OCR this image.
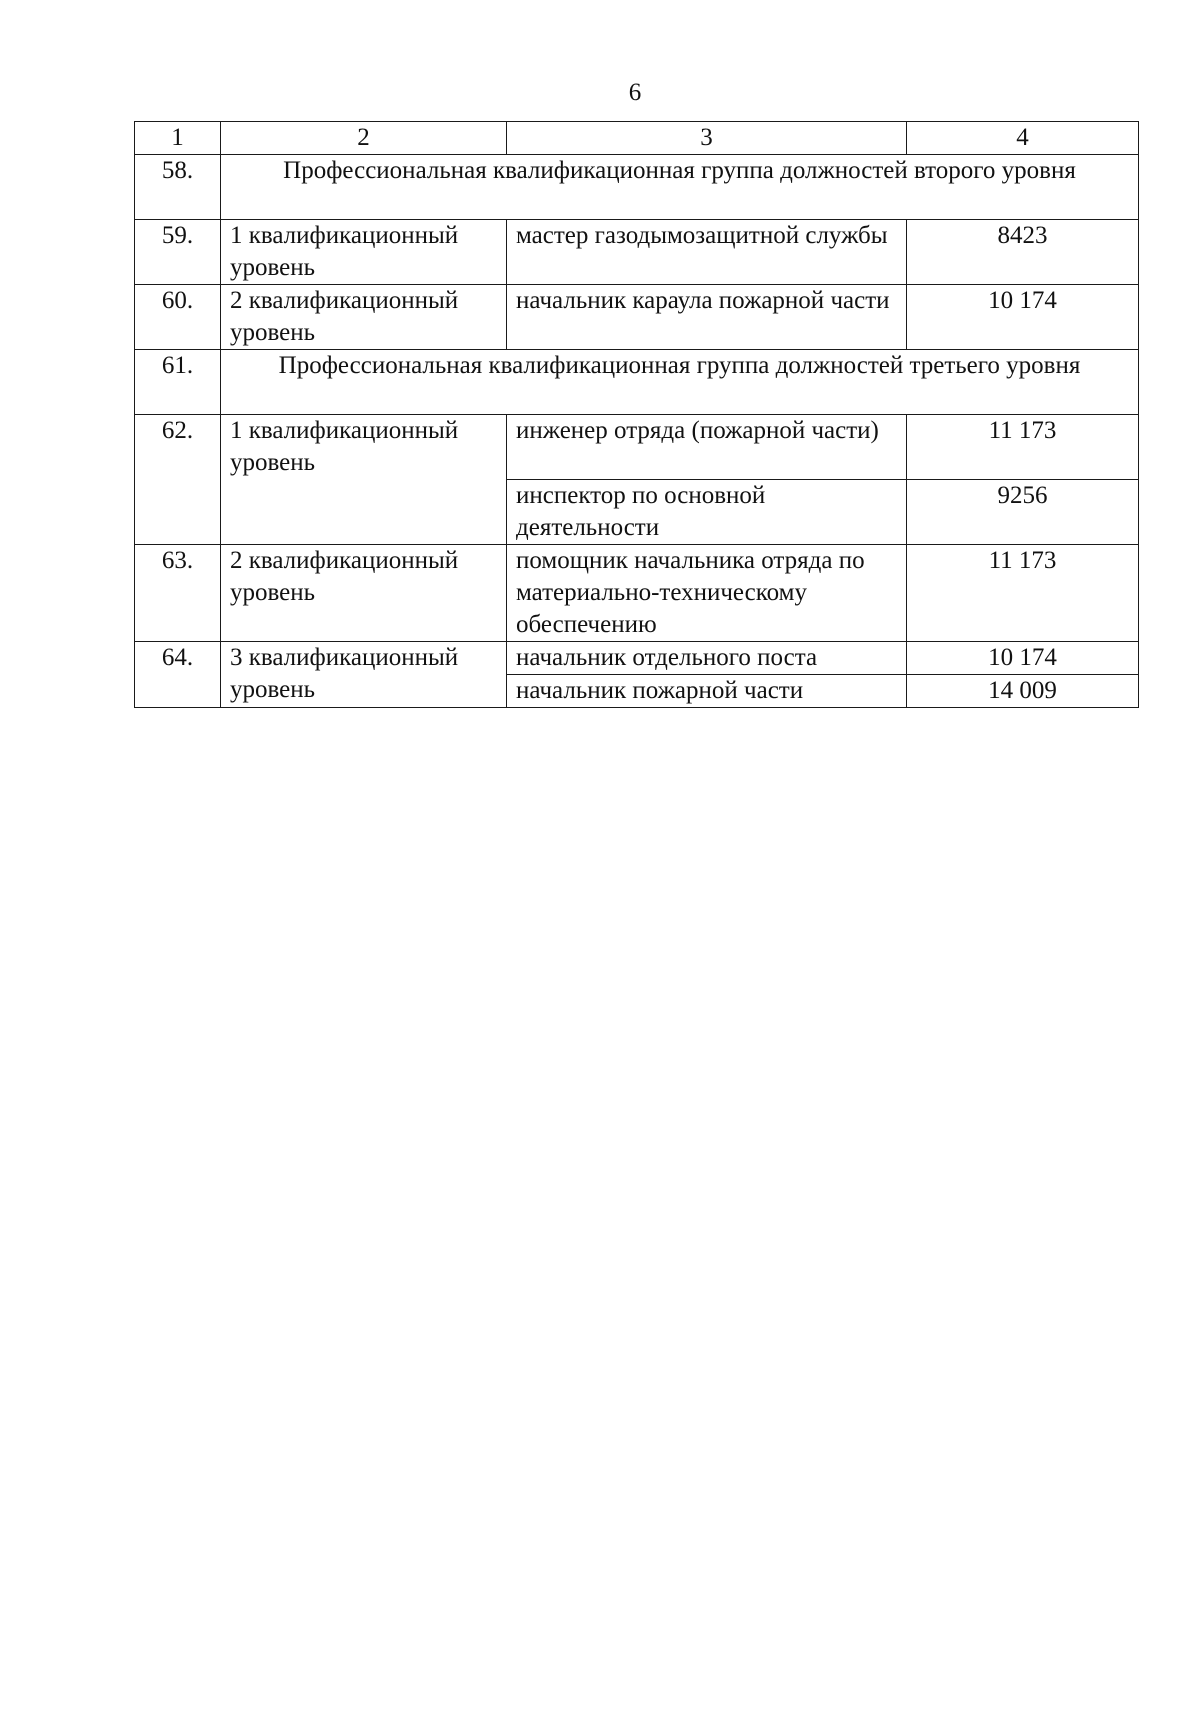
6
1	2	3	4
58.	Профессиональная квалификационная группа должностей второго уровня		
59.	1 квалификационный уровень	мастер газодымозащитной службы	8423
60.	2 квалификационный уровень	начальник караула пожарной части	10 174
61.	Профессиональная квалификационная группа должностей третьего уровня		
62.	1 квалификационный уровень	инженер отряда (пожарной части)	11 173
		инспектор по основной деятельности	9256
63.	2 квалификационный уровень	помощник начальника отряда по материально-техническому обеспечению	11 173
64.	3 квалификационный уровень	начальник отдельного поста	10 174
		начальник пожарной части	14 009
